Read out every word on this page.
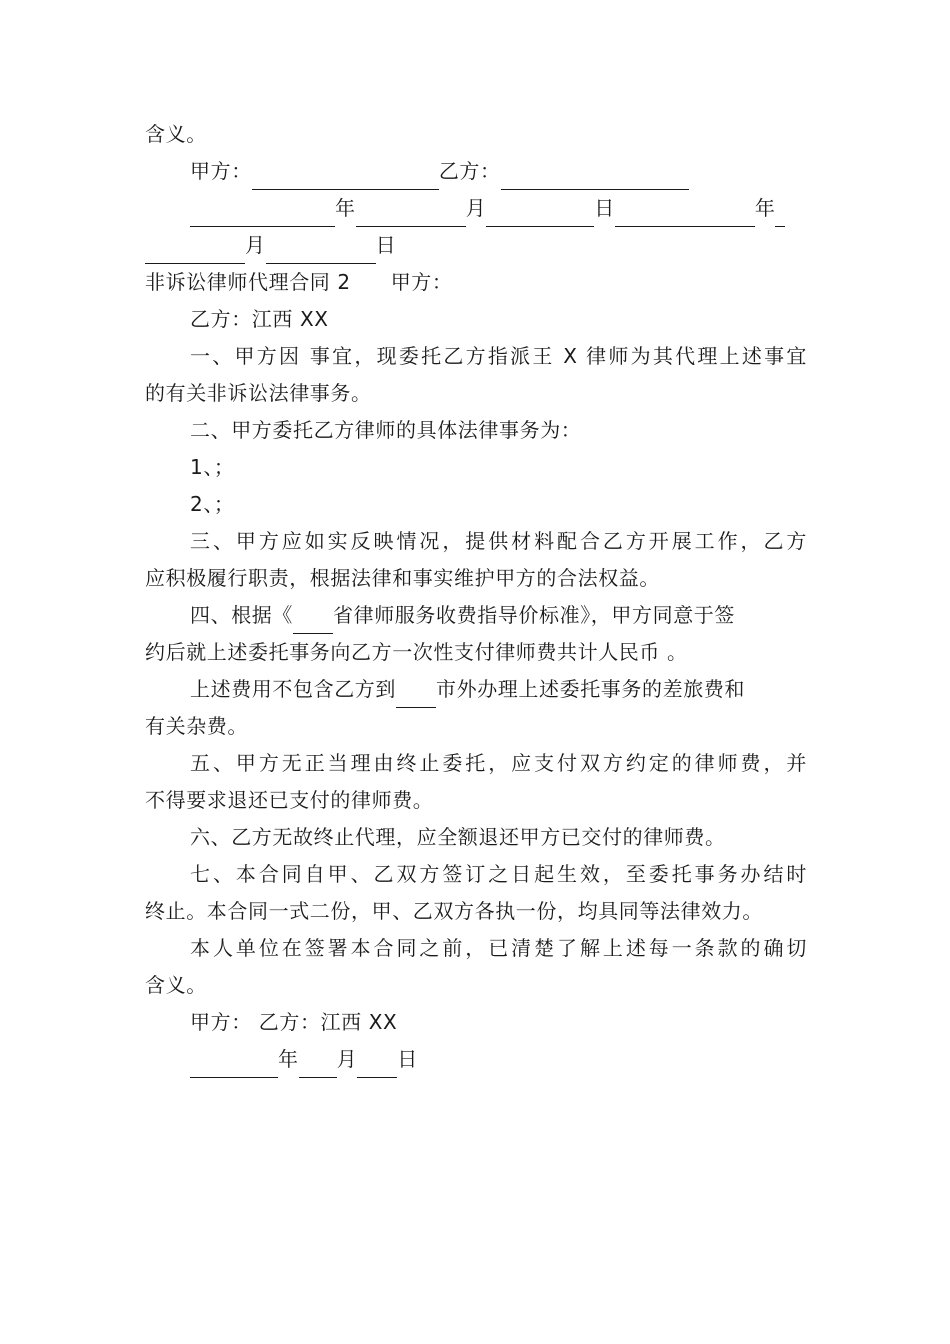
含义。
甲方：	乙方：
年	月	日	年
月	日
非诉讼律师代理合同 2 甲方：
乙方：江西 XX
一、甲方因 事宜，现委托乙方指派王 X 律师为其代理上述事宜
的有关非诉讼法律事务。
二、甲方委托乙方律师的具体法律事务为：
1、；
2、；
三、甲方应如实反映情况，提供材料配合乙方开展工作，乙方
应积极履行职责，根据法律和事实维护甲方的合法权益。
四、根据《 省律师服务收费指导价标准》，甲方同意于签
约后就上述委托事务向乙方一次性支付律师费共计人民币 。
上述费用不包含乙方到 市外办理上述委托事务的差旅费和
有关杂费。
五、甲方无正当理由终止委托，应支付双方约定的律师费，并
不得要求退还已支付的律师费。
六、乙方无故终止代理，应全额退还甲方已交付的律师费。
七、本合同自甲、乙双方签订之日起生效，至委托事务办结时
终止。本合同一式二份，甲、乙双方各执一份，均具同等法律效力。
本人单位在签署本合同之前，已清楚了解上述每一条款的确切
含义。
甲方： 乙方：江西 XX
年 月 日
